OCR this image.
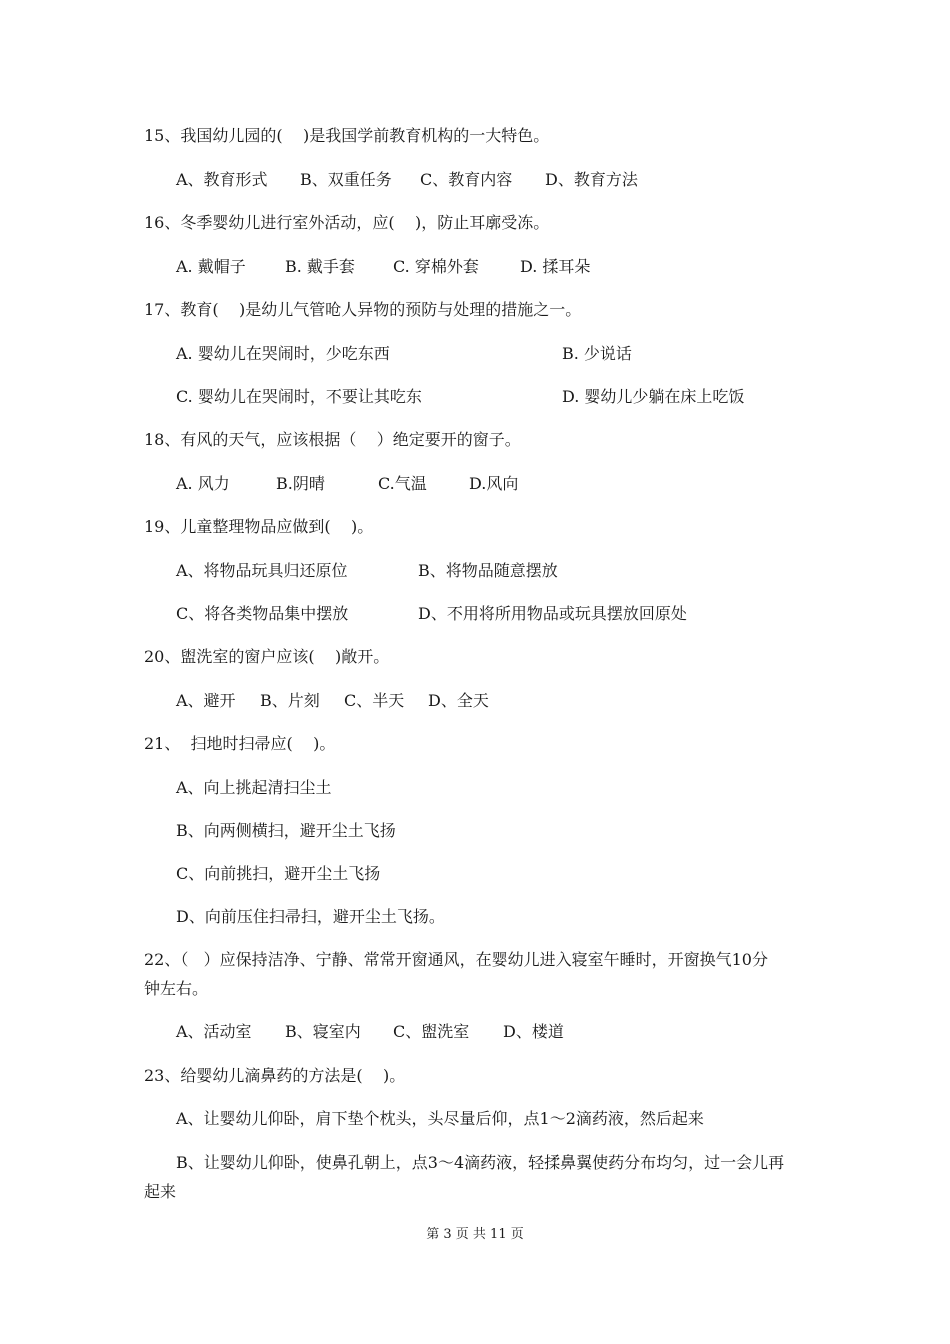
15、我国幼儿园的(    )是我国学前教育机构的一大特色。
A、教育形式 B、双重任务 C、教育内容 D、教育方法
16、冬季婴幼儿进行室外活动，应(    )，防止耳廓受冻。
A. 戴帽子 B. 戴手套 C. 穿棉外套	D. 揉耳朵
17、教育(    )是幼儿气管呛人异物的预防与处理的措施之一。
A. 婴幼儿在哭闹时，少吃东西	B. 少说话
C. 婴幼儿在哭闹时，不要让其吃东	D. 婴幼儿少躺在床上吃饭
18、有风的天气，应该根据（    ）绝定要开的窗子。
A. 风力	B.阴晴	C.气温	D.风向
19、儿童整理物品应做到(    )。
A、将物品玩具归还原位	B、将物品随意摆放
C、将各类物品集中摆放	D、不用将所用物品或玩具摆放回原处
20、盥洗室的窗户应该(    )敞开。
A、避开 B、片刻 C、半天 D、全天
21、  扫地时扫帚应(    )。
A、向上挑起清扫尘土
B、向两侧横扫，避开尘土飞扬
C、向前挑扫，避开尘土飞扬
D、向前压住扫帚扫，避开尘土飞扬。
22、（   ）应保持洁净、宁静、常常开窗通风，在婴幼儿进入寝室午睡时，开窗换气10分
钟左右。
A、活动室 B、寝室内 C、盥洗室 D、楼道
23、给婴幼儿滴鼻药的方法是(    )。
A、让婴幼儿仰卧，肩下垫个枕头，头尽量后仰，点1～2滴药液，然后起来
B、让婴幼儿仰卧，使鼻孔朝上，点3～4滴药液，轻揉鼻翼使药分布均匀，过一会儿再
起来
第 3 页 共 11 页
